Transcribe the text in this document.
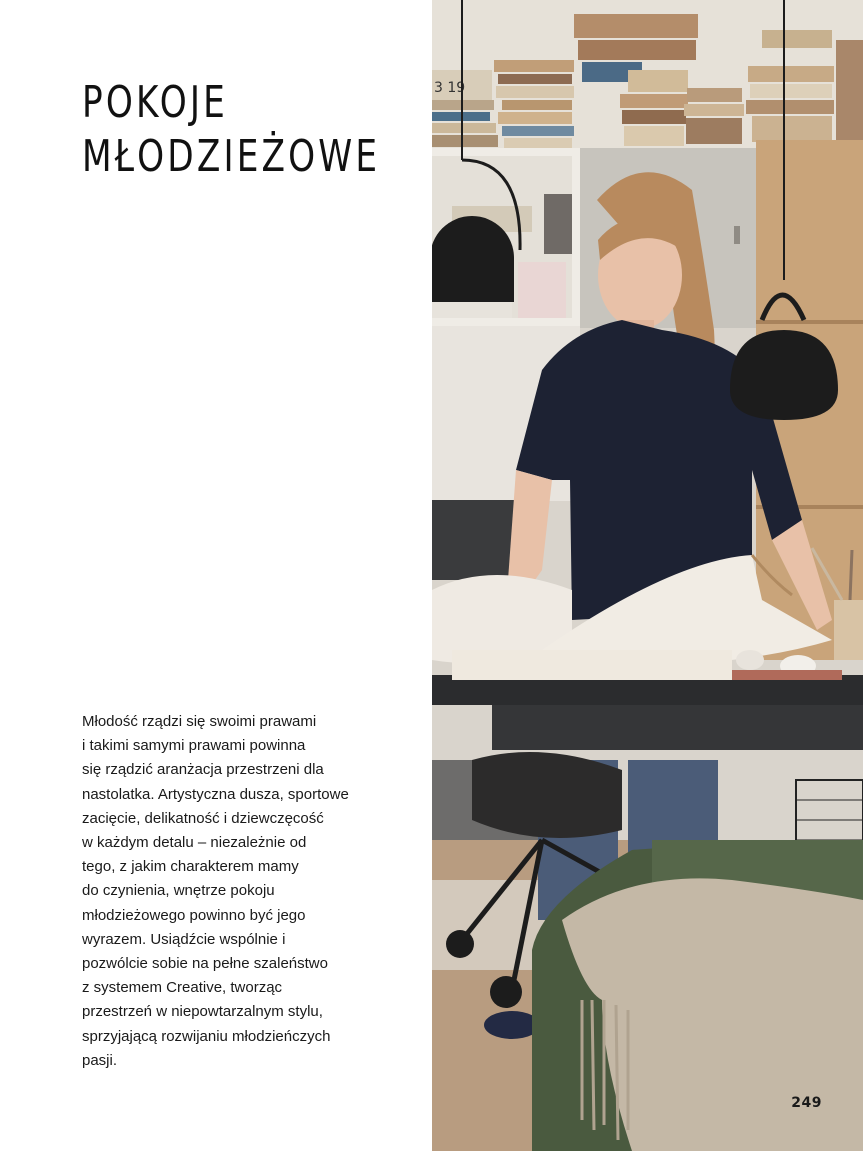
POKOJE
MŁODZIEŻOWE
Młodość rządzi się swoimi prawami
i takimi samymi prawami powinna
się rządzić aranżacja przestrzeni dla
nastolatka. Artystyczna dusza, sportowe
zacięcie, delikatność i dziewczęcość
w każdym detalu – niezależnie od
tego, z jakim charakterem mamy
do czynienia, wnętrze pokoju
młodzieżowego powinno być jego
wyrazem. Usiądźcie wspólnie i
pozwólcie sobie na pełne szaleństwo
z systemem Creative, tworząc
przestrzeń w niepowtarzalnym stylu,
sprzyjającą rozwijaniu młodzieńczych
pasji.
3 19
249
